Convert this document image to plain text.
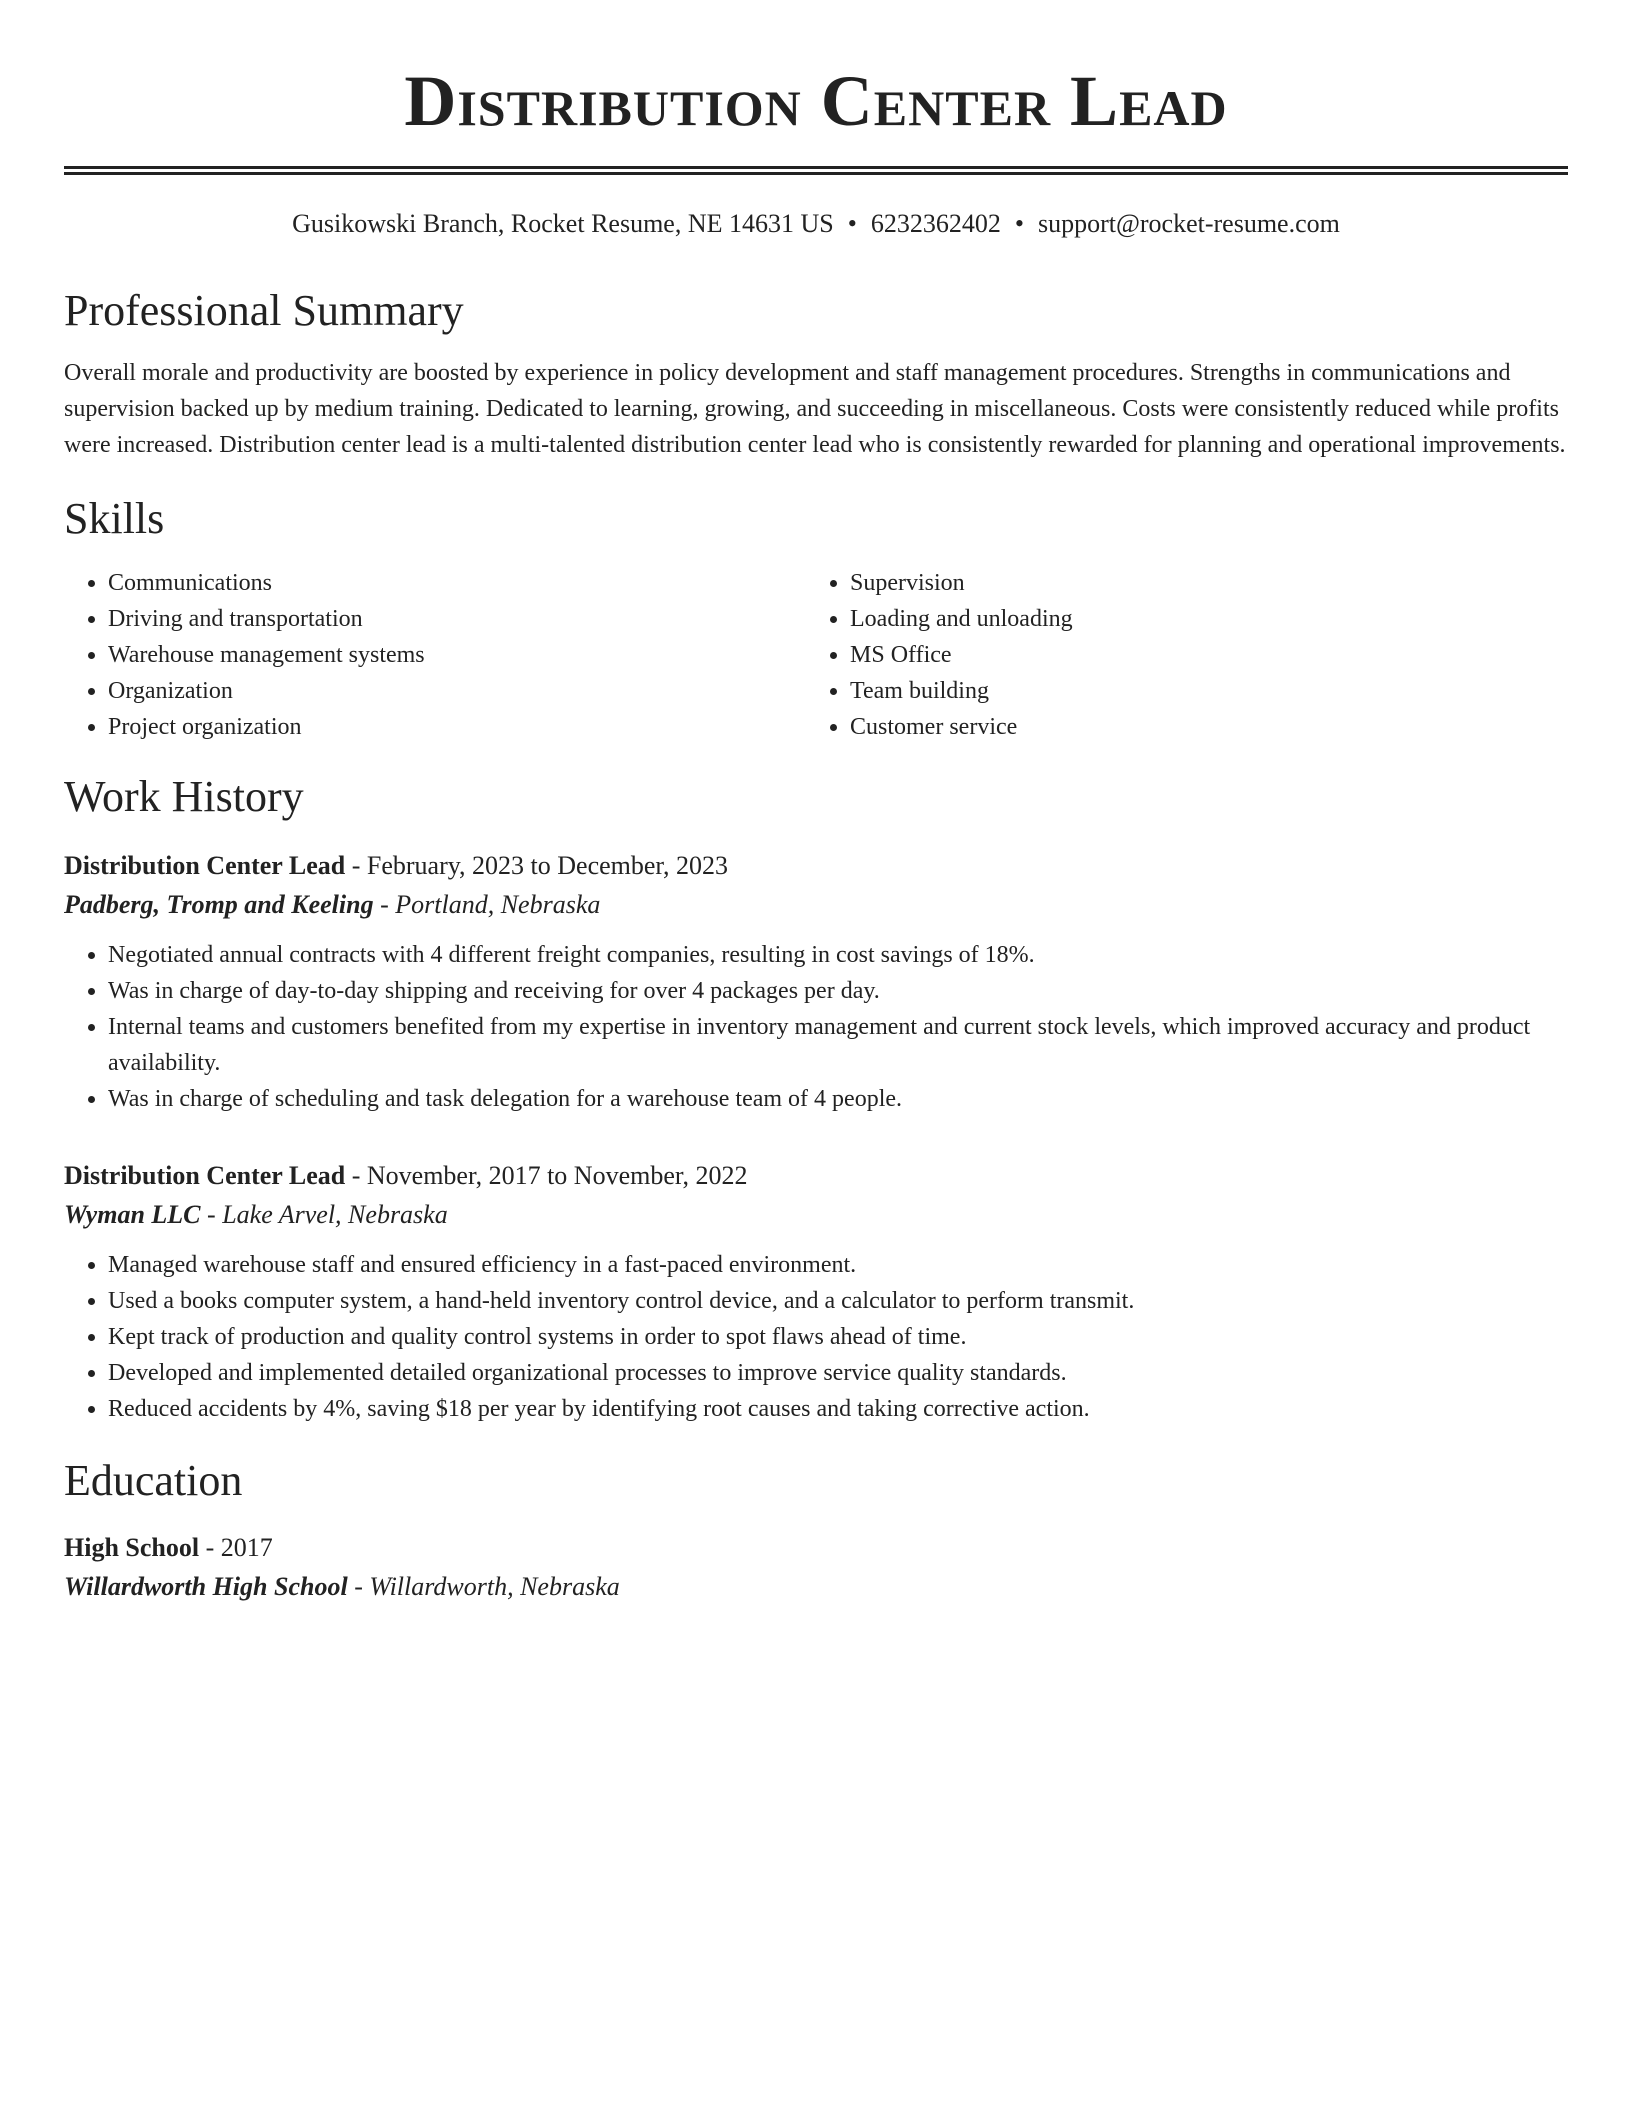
Distribution Center Lead
Gusikowski Branch, Rocket Resume, NE 14631 US • 6232362402 • support@rocket-resume.com
Professional Summary

Overall morale and productivity are boosted by experience in policy development and staff management procedures. Strengths in communications and supervision backed up by medium training. Dedicated to learning, growing, and succeeding in miscellaneous. Costs were consistently reduced while profits were increased. Distribution center lead is a multi-talented distribution center lead who is consistently rewarded for planning and operational improvements.

Skills
• Communications
• Driving and transportation
• Warehouse management systems
• Organization
• Project organization
• Supervision
• Loading and unloading
• MS Office
• Team building
• Customer service
Work History
Distribution Center Lead - February, 2023 to December, 2023
Padberg, Tromp and Keeling - Portland, Nebraska
• Negotiated annual contracts with 4 different freight companies, resulting in cost savings of 18%.
• Was in charge of day-to-day shipping and receiving for over 4 packages per day.
• Internal teams and customers benefited from my expertise in inventory management and current stock levels, which improved accuracy and product availability.
• Was in charge of scheduling and task delegation for a warehouse team of 4 people.
Distribution Center Lead - November, 2017 to November, 2022
Wyman LLC - Lake Arvel, Nebraska
• Managed warehouse staff and ensured efficiency in a fast-paced environment.
• Used a books computer system, a hand-held inventory control device, and a calculator to perform transmit.
• Kept track of production and quality control systems in order to spot flaws ahead of time.
• Developed and implemented detailed organizational processes to improve service quality standards.
• Reduced accidents by 4%, saving $18 per year by identifying root causes and taking corrective action.
Education
High School - 2017
Willardworth High School - Willardworth, Nebraska
